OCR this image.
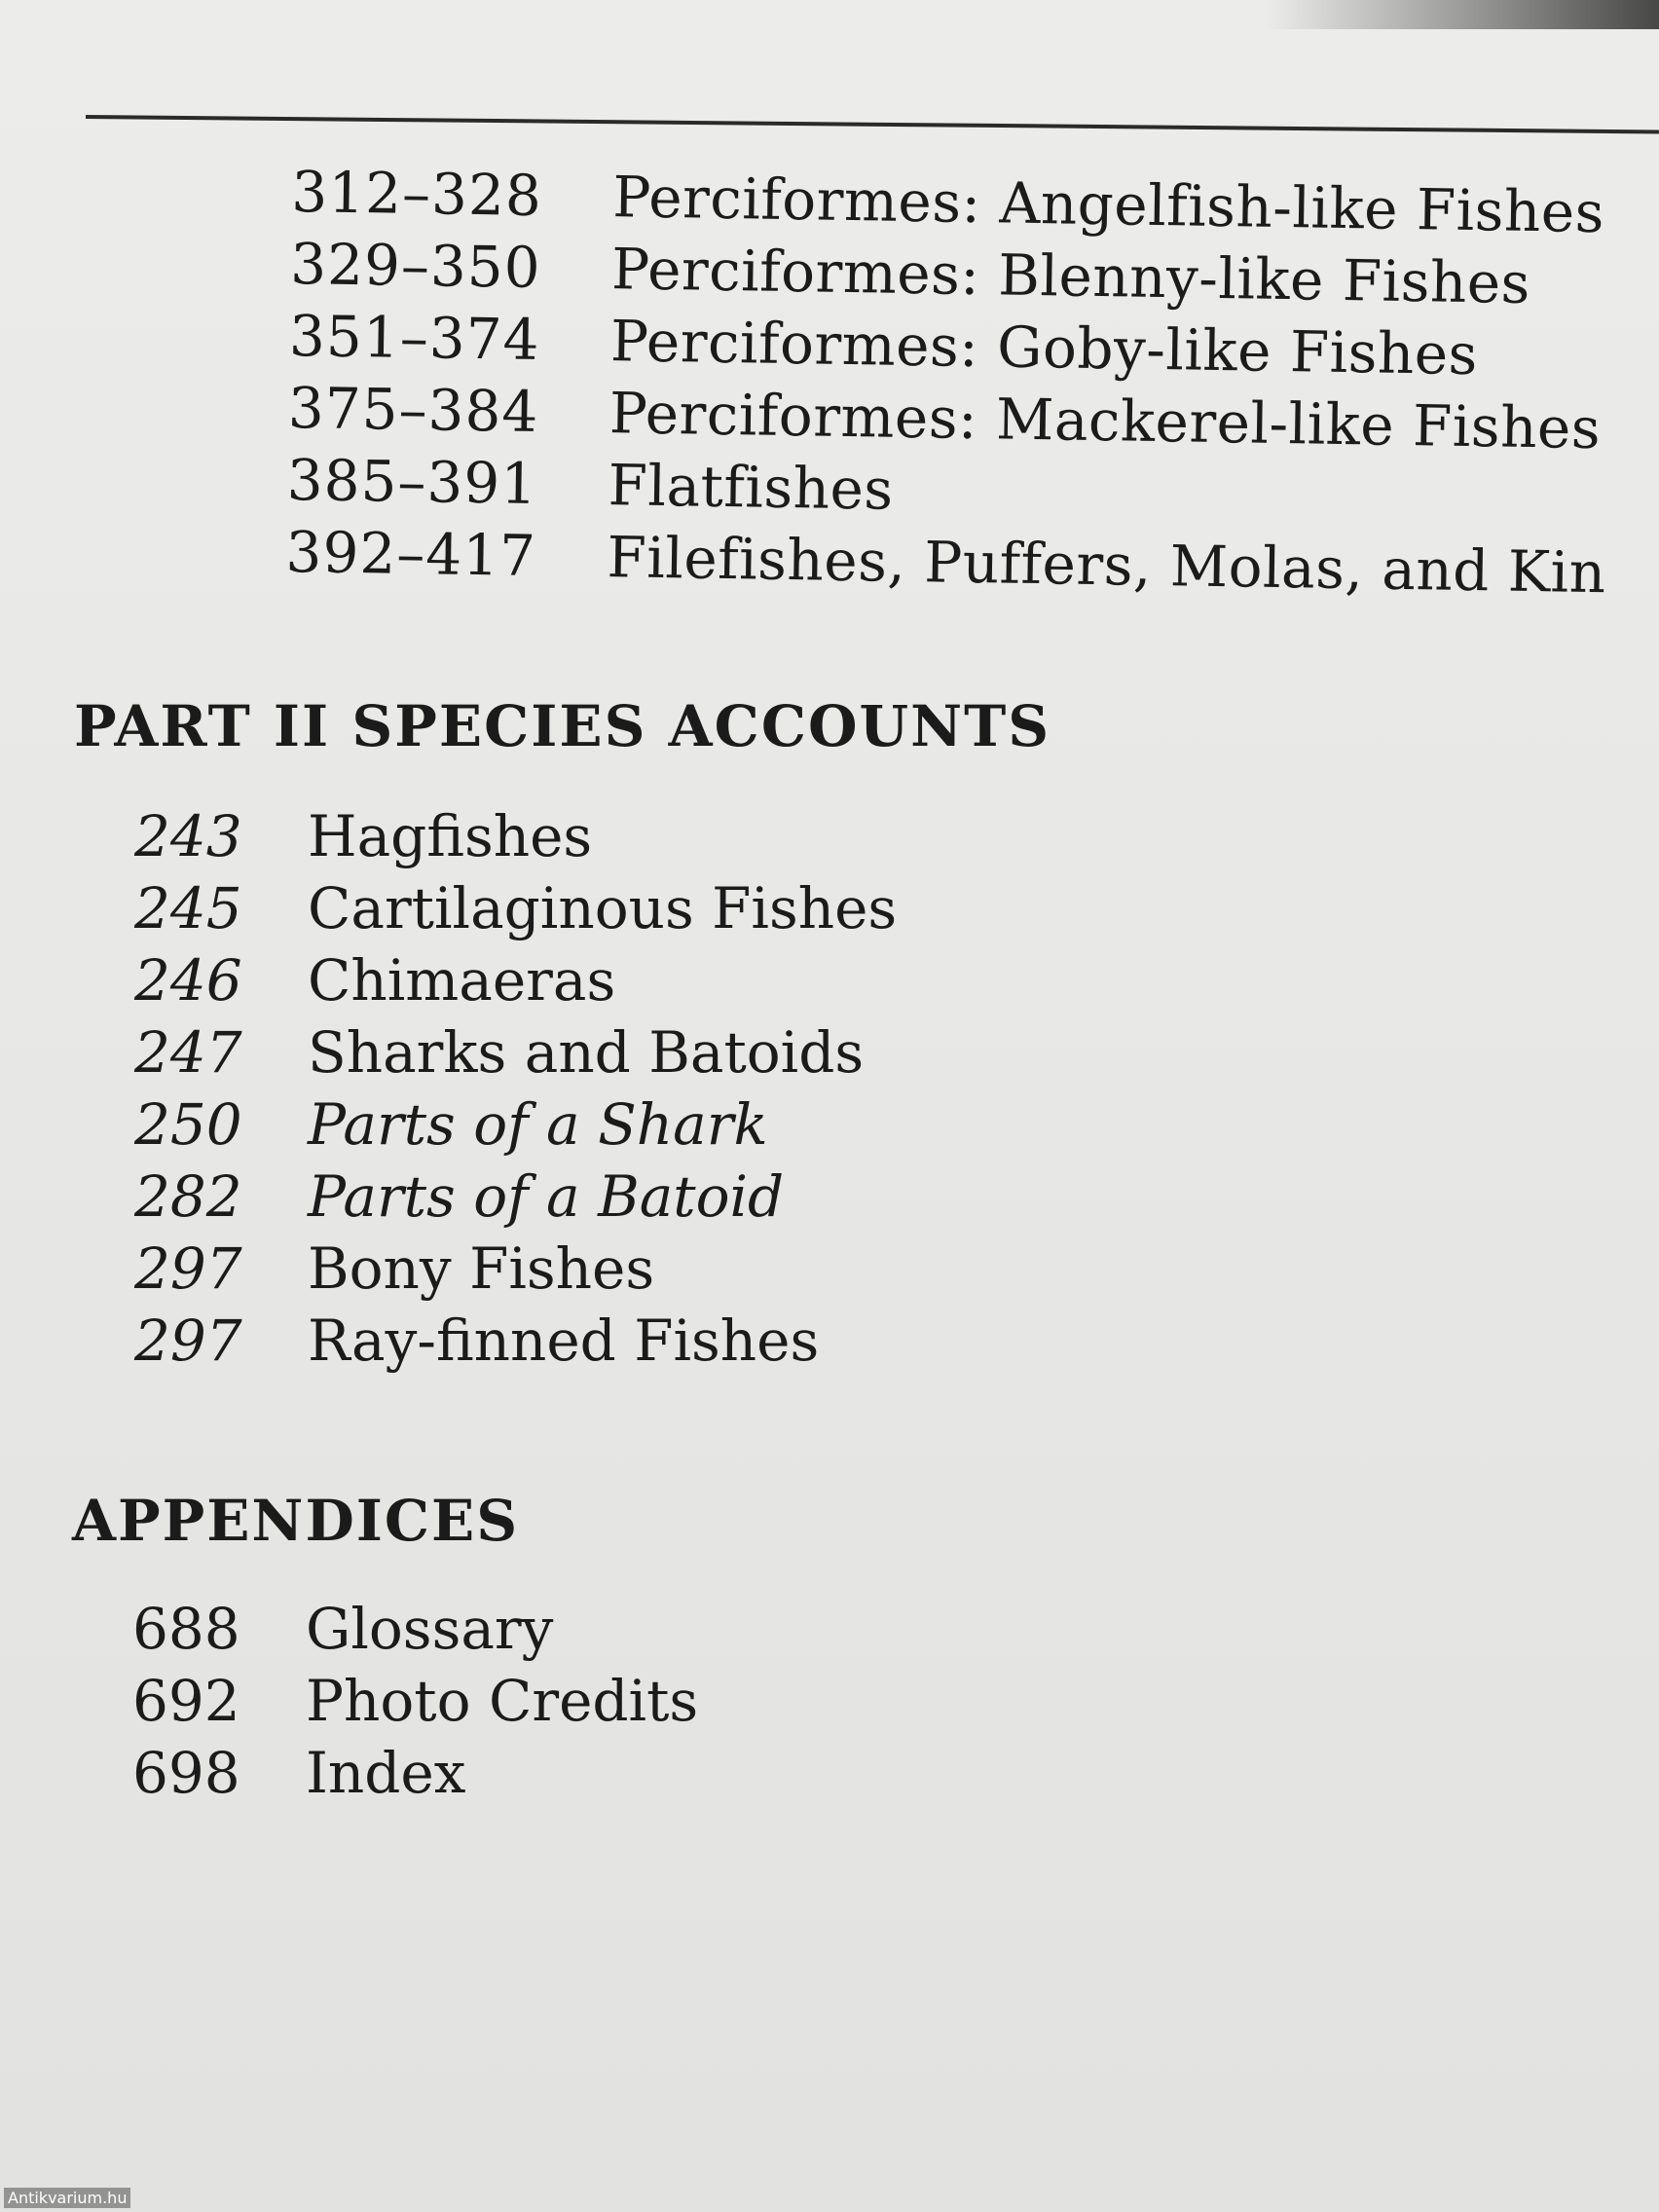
312–328	Perciformes: Angelfish-like Fishes
329–350	Perciformes: Blenny-like Fishes
351–374	Perciformes: Goby-like Fishes
375–384	Perciformes: Mackerel-like Fishes
385–391	Flatfishes
392–417	Filefishes, Puffers, Molas, and Kin
PART II SPECIES ACCOUNTS
243 Hagfishes
245 Cartilaginous Fishes
246 Chimaeras
247 Sharks and Batoids
250 Parts of a Shark
282 Parts of a Batoid
297 Bony Fishes
297 Ray-finned Fishes
APPENDICES
688 Glossary
692 Photo Credits
698 Index
Antikvarium.hu
